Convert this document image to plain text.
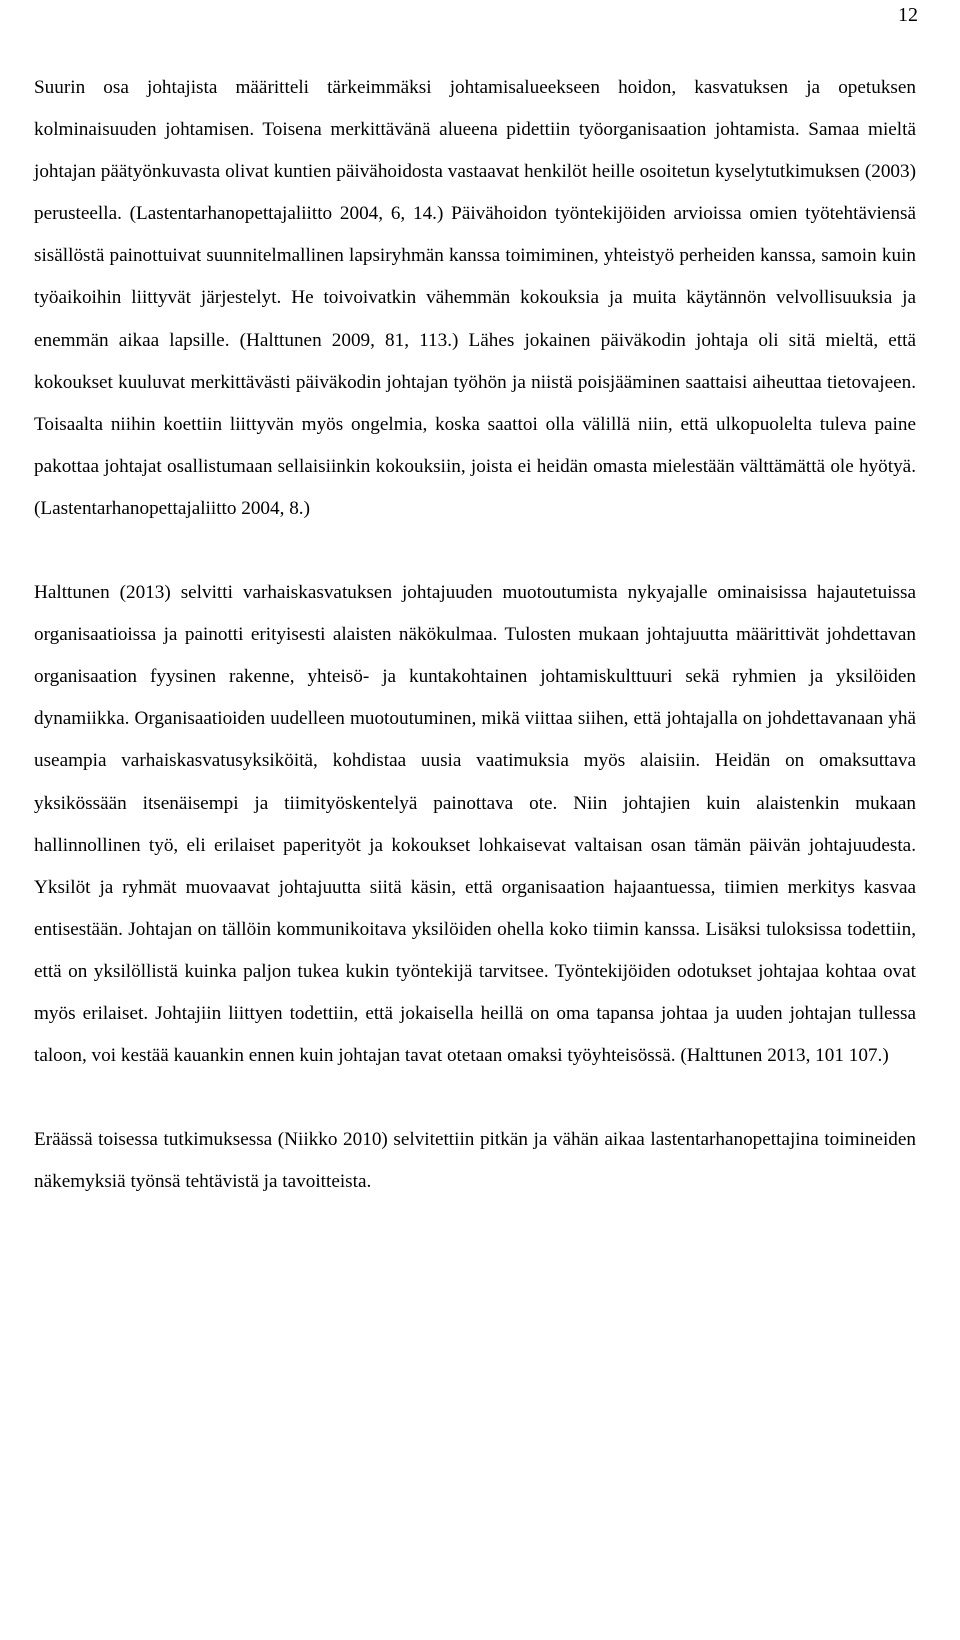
12

Suurin osa johtajista määritteli tärkeimmäksi johtamisalueekseen hoidon, kasvatuksen ja opetuksen kolminaisuuden johtamisen. Toisena merkittävänä alueena pidettiin työorganisaation johtamista. Samaa mieltä johtajan päätyönkuvasta olivat kuntien päivähoidosta vastaavat henkilöt heille osoitetun kyselytutkimuksen (2003) perusteella. (Lastentarhanopettajaliitto 2004, 6, 14.) Päivähoidon työntekijöiden arvioissa omien työtehtäviensä sisällöstä painottuivat suunnitelmallinen lapsiryhmän kanssa toimiminen, yhteistyö perheiden kanssa, samoin kuin työaikoihin liittyvät järjestelyt. He toivoivatkin vähemmän kokouksia ja muita käytännön velvollisuuksia ja enemmän aikaa lapsille. (Halttunen 2009, 81, 113.) Lähes jokainen päiväkodin johtaja oli sitä mieltä, että kokoukset kuuluvat merkittävästi päiväkodin johtajan työhön ja niistä poisjääminen saattaisi aiheuttaa tietovajeen. Toisaalta niihin koettiin liittyvän myös ongelmia, koska saattoi olla välillä niin, että ulkopuolelta tuleva paine pakottaa johtajat osallistumaan sellaisiinkin kokouksiin, joista ei heidän omasta mielestään välttämättä ole hyötyä. (Lastentarhanopettajaliitto 2004, 8.)

Halttunen (2013) selvitti varhaiskasvatuksen johtajuuden muotoutumista nykyajalle ominaisissa hajautetuissa organisaatioissa ja painotti erityisesti alaisten näkökulmaa. Tulosten mukaan johtajuutta määrittivät johdettavan organisaation fyysinen rakenne, yhteisö- ja kuntakohtainen johtamiskulttuuri sekä ryhmien ja yksilöiden dynamiikka. Organisaatioiden uudelleen muotoutuminen, mikä viittaa siihen, että johtajalla on johdettavanaan yhä useampia varhaiskasvatusyksiköitä, kohdistaa uusia vaatimuksia myös alaisiin. Heidän on omaksuttava yksikössään itsenäisempi ja tiimityöskentelyä painottava ote. Niin johtajien kuin alaistenkin mukaan hallinnollinen työ, eli erilaiset paperityöt ja kokoukset lohkaisevat valtaisan osan tämän päivän johtajuudesta. Yksilöt ja ryhmät muovaavat johtajuutta siitä käsin, että organisaation hajaantuessa, tiimien merkitys kasvaa entisestään. Johtajan on tällöin kommunikoitava yksilöiden ohella koko tiimin kanssa. Lisäksi tuloksissa todettiin, että on yksilöllistä kuinka paljon tukea kukin työntekijä tarvitsee. Työntekijöiden odotukset johtajaa kohtaa ovat myös erilaiset. Johtajiin liittyen todettiin, että jokaisella heillä on oma tapansa johtaa ja uuden johtajan tullessa taloon, voi kestää kauankin ennen kuin johtajan tavat otetaan omaksi työyhteisössä. (Halttunen 2013, 101 107.)

Eräässä toisessa tutkimuksessa (Niikko 2010) selvitettiin pitkän ja vähän aikaa lastentarhanopettajina toimineiden näkemyksiä työnsä tehtävistä ja tavoitteista.
